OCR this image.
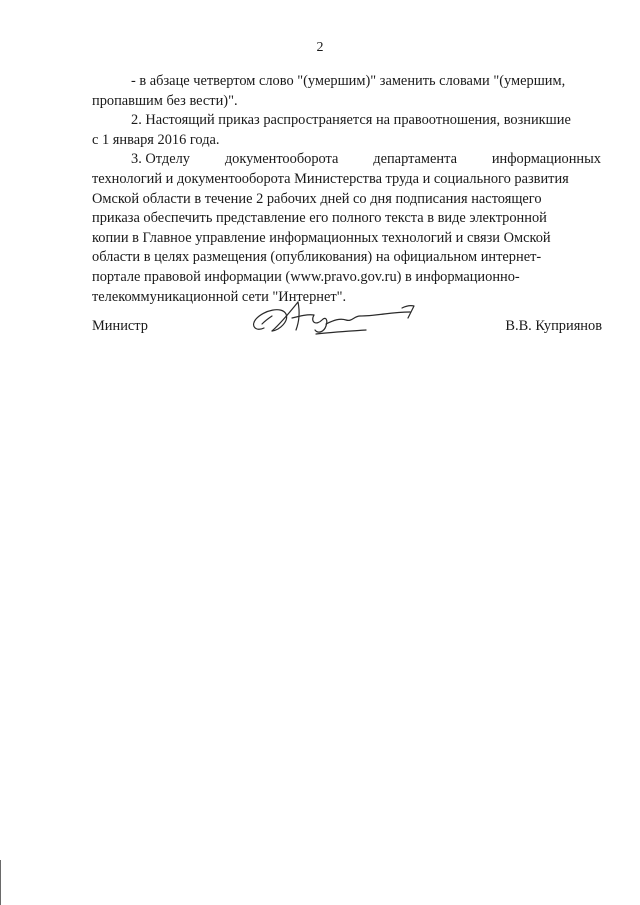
2
- в абзаце четвертом слово "(умершим)" заменить словами "(умершим,
пропавшим без вести)".
2. Настоящий приказ распространяется на правоотношения, возникшие
с 1 января 2016 года.
3. Отделу документооборота департамента информационных
технологий и документооборота Министерства труда и социального развития
Омской области в течение 2 рабочих дней со дня подписания настоящего
приказа обеспечить представление его полного текста в виде электронной
копии в Главное управление информационных технологий и связи Омской
области в целях размещения (опубликования) на официальном интернет-
портале правовой информации (www.pravo.gov.ru) в информационно-
телекоммуникационной сети "Интернет".
Министр	В.В. Куприянов
